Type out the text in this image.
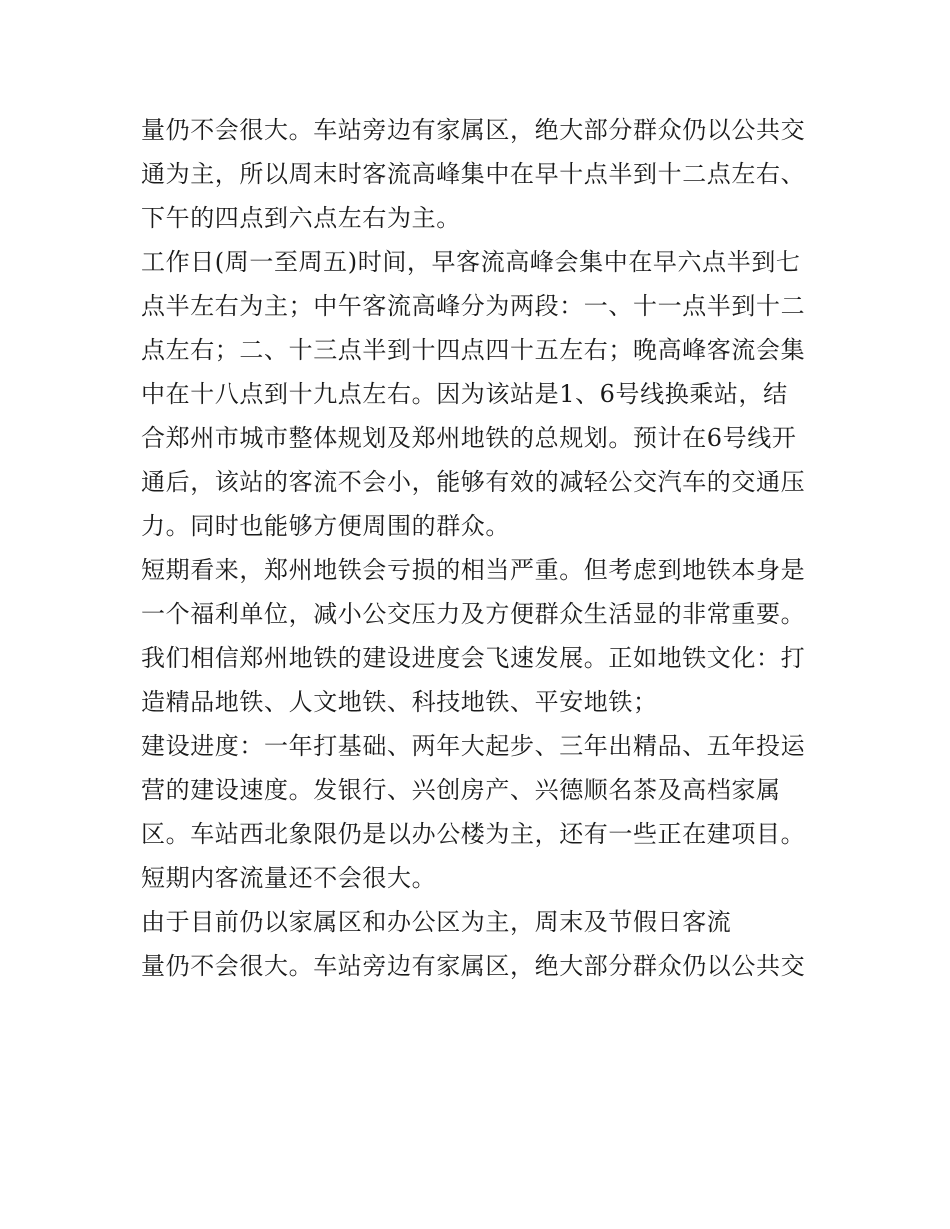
量仍不会很大。车站旁边有家属区，绝大部分群众仍以公共交
通为主，所以周末时客流高峰集中在早十点半到十二点左右、
下午的四点到六点左右为主。
工作日(周一至周五)时间，早客流高峰会集中在早六点半到七
点半左右为主；中午客流高峰分为两段：一、十一点半到十二
点左右；二、十三点半到十四点四十五左右；晚高峰客流会集
中在十八点到十九点左右。因为该站是1、6号线换乘站，结
合郑州市城市整体规划及郑州地铁的总规划。预计在6号线开
通后，该站的客流不会小，能够有效的减轻公交汽车的交通压
力。同时也能够方便周围的群众。
短期看来，郑州地铁会亏损的相当严重。但考虑到地铁本身是
一个福利单位，减小公交压力及方便群众生活显的非常重要。
我们相信郑州地铁的建设进度会飞速发展。正如地铁文化：打
造精品地铁、人文地铁、科技地铁、平安地铁；
建设进度：一年打基础、两年大起步、三年出精品、五年投运
营的建设速度。发银行、兴创房产、兴德顺名茶及高档家属
区。车站西北象限仍是以办公楼为主，还有一些正在建项目。
短期内客流量还不会很大。
由于目前仍以家属区和办公区为主，周末及节假日客流
量仍不会很大。车站旁边有家属区，绝大部分群众仍以公共交
